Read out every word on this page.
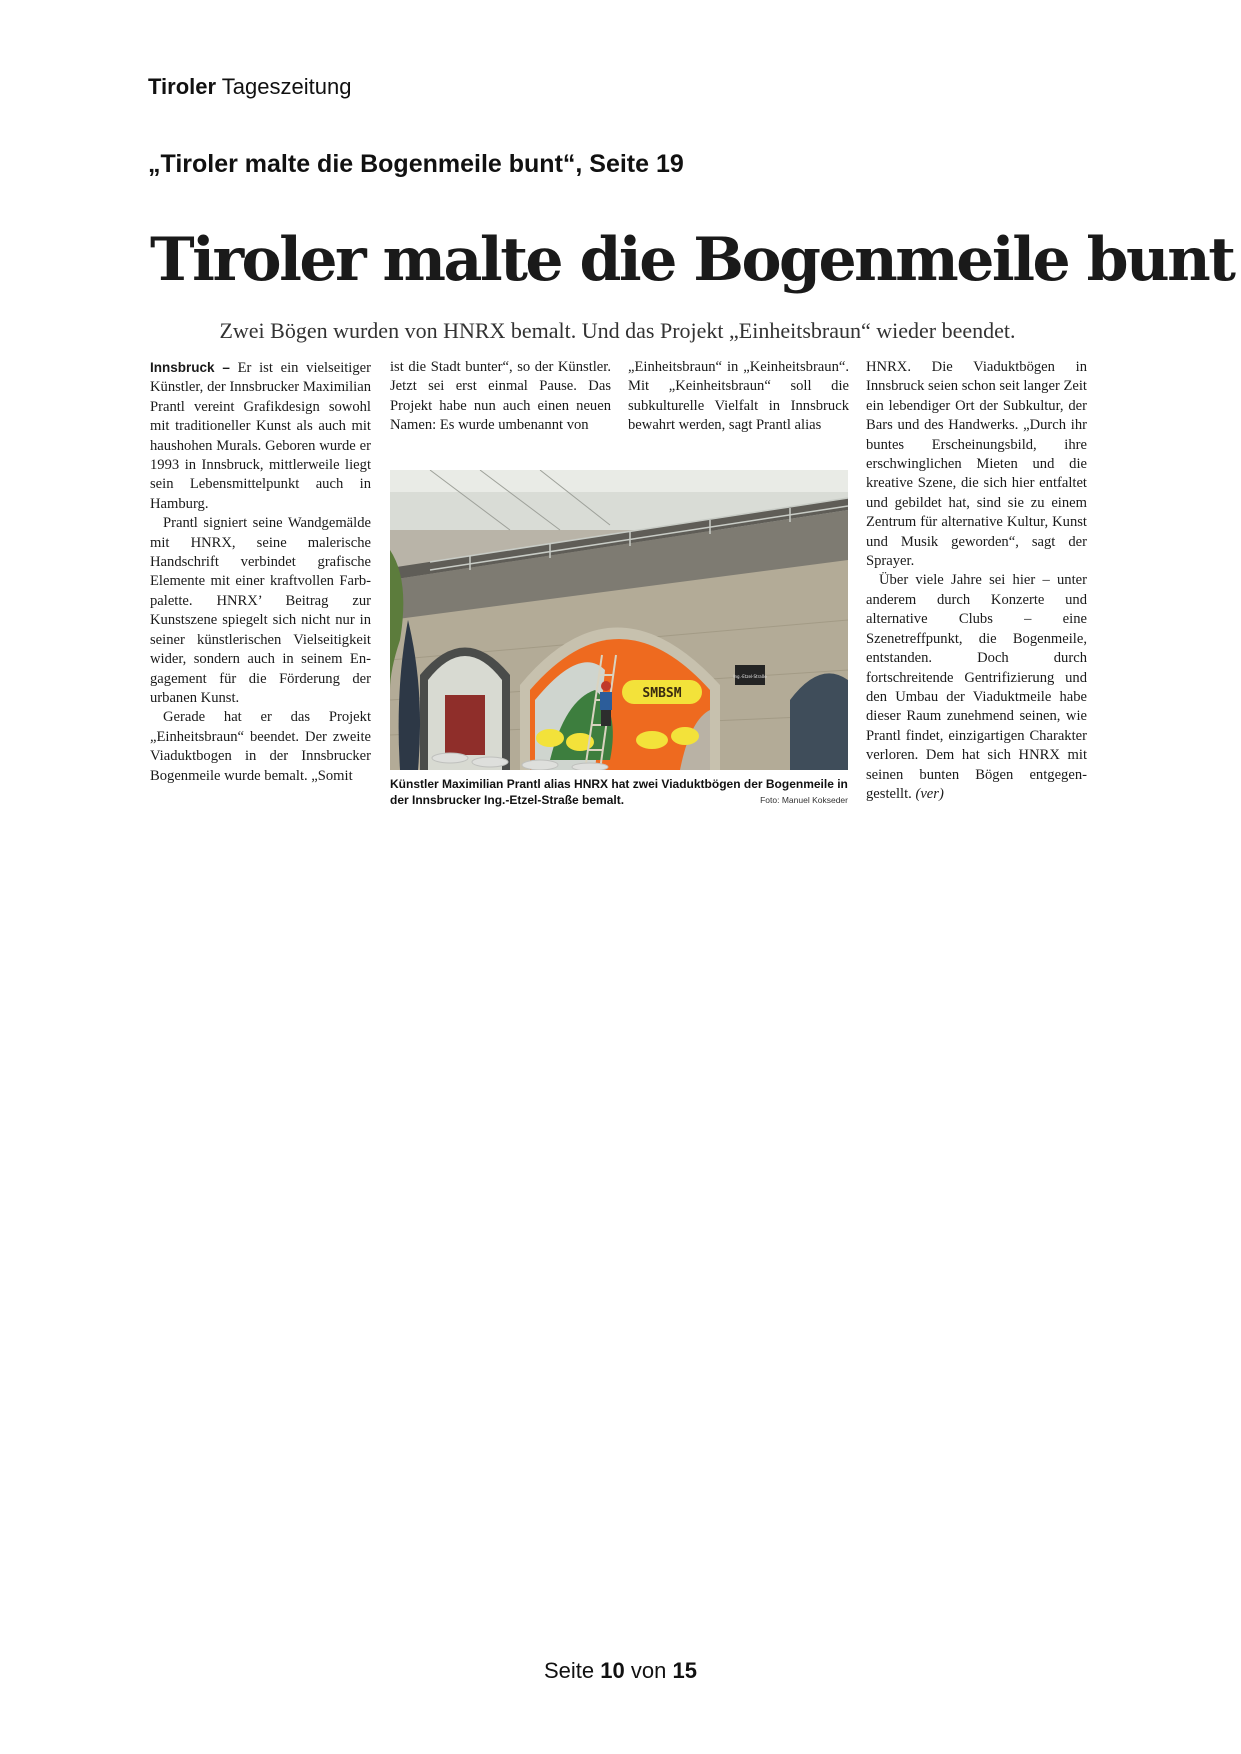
Tiroler Tageszeitung
„Tiroler malte die Bogenmeile bunt“, Seite 19
Tiroler malte die Bogenmeile bunt
Zwei Bögen wurden von HNRX bemalt. Und das Projekt „Einheitsbraun“ wieder beendet.

Innsbruck – Er ist ein vielseitiger Künstler, der Innsbrucker Maximilian Prantl vereint Grafikdesign sowohl mit traditioneller Kunst als auch mit haushohen Murals. Geboren wurde er 1993 in Innsbruck, mittlerweile liegt sein Lebensmittelpunkt auch in Hamburg.

Prantl signiert seine Wandgemälde mit HNRX, seine malerische Handschrift verbindet grafische Elemente mit einer kraftvollen Farbpalette. HNRX’ Beitrag zur Kunstszene spiegelt sich nicht nur in seiner künstlerischen Vielseitigkeit wider, sondern auch in seinem Engagement für die Förderung der urbanen Kunst.

Gerade hat er das Projekt „Einheitsbraun“ beendet. Der zweite Viaduktbogen in der Innsbrucker Bogenmeile wurde bemalt. „Somit

ist die Stadt bunter“, so der Künstler. Jetzt sei erst einmal Pause. Das Projekt habe nun auch einen neuen Namen: Es wurde umbenannt von

„Einheitsbraun“ in „Keinheitsbraun“. Mit „Keinheitsbraun“ soll die subkulturelle Vielfalt in Innsbruck bewahrt werden, sagt Prantl alias

SMBSM
Ing.-Etzel-Straße
Künstler Maximilian Prantl alias HNRX hat zwei Viaduktbögen der Bogenmeile in der Innsbrucker Ing.-Etzel-Straße bemalt.	Foto: Manuel Kokseder

HNRX. Die Viaduktbögen in Innsbruck seien schon seit langer Zeit ein lebendiger Ort der Subkultur, der Bars und des Handwerks. „Durch ihr buntes Erscheinungsbild, ihre erschwinglichen Mieten und die kreative Szene, die sich hier entfaltet und gebildet hat, sind sie zu einem Zentrum für alternative Kultur, Kunst und Musik geworden“, sagt der Sprayer.

Über viele Jahre sei hier – unter anderem durch Konzerte und alternative Clubs – eine Szenetreffpunkt, die Bogenmeile, entstanden. Doch durch fortschreitende Gentrifizierung und den Umbau der Viaduktmeile habe dieser Raum zunehmend seinen, wie Prantl findet, einzigartigen Charakter verloren. Dem hat sich HNRX mit seinen bunten Bögen entgegengestellt. (ver)

Seite 10 von 15
